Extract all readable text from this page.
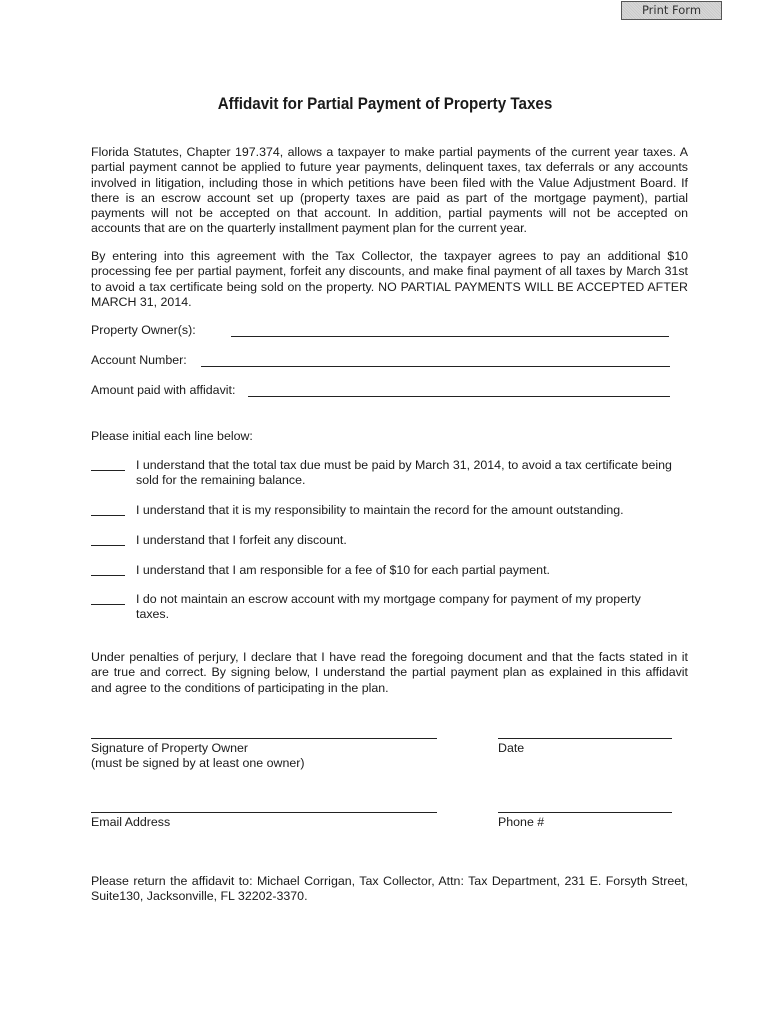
Print Form
Affidavit for Partial Payment of Property Taxes

Florida Statutes, Chapter 197.374, allows a taxpayer to make partial payments of the current year taxes. A partial payment cannot be applied to future year payments, delinquent taxes, tax deferrals or any accounts involved in litigation, including those in which petitions have been filed with the Value Adjustment Board. If there is an escrow account set up (property taxes are paid as part of the mortgage payment), partial payments will not be accepted on that account. In addition, partial payments will not be accepted on accounts that are on the quarterly installment payment plan for the current year.

By entering into this agreement with the Tax Collector, the taxpayer agrees to pay an additional $10 processing fee per partial payment, forfeit any discounts, and make final payment of all taxes by March 31st to avoid a tax certificate being sold on the property. NO PARTIAL PAYMENTS WILL BE ACCEPTED AFTER MARCH 31, 2014.

Property Owner(s):
Account Number:
Amount paid with affidavit:
Please initial each line below:
I understand that the total tax due must be paid by March 31, 2014, to avoid a tax certificate being sold for the remaining balance.
I understand that it is my responsibility to maintain the record for the amount outstanding.
I understand that I forfeit any discount.
I understand that I am responsible for a fee of $10 for each partial payment.
I do not maintain an escrow account with my mortgage company for payment of my property taxes.

Under penalties of perjury, I declare that I have read the foregoing document and that the facts stated in it are true and correct. By signing below, I understand the partial payment plan as explained in this affidavit and agree to the conditions of participating in the plan.

Signature of Property Owner
(must be signed by at least one owner)
Date
Email Address	Phone #

Please return the affidavit to: Michael Corrigan, Tax Collector, Attn: Tax Department, 231 E. Forsyth Street, Suite130, Jacksonville, FL 32202-3370.
